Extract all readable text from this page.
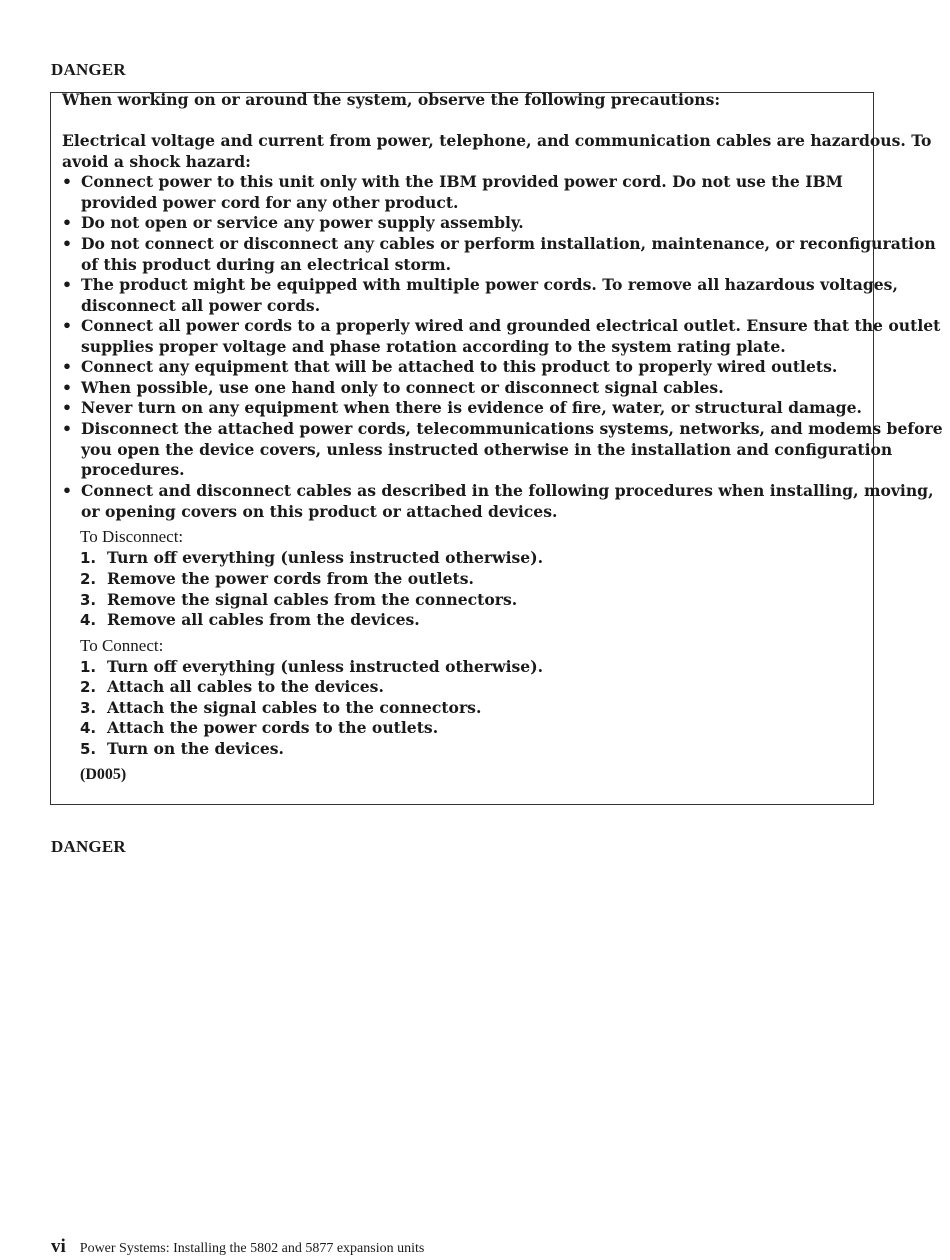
DANGER
When working on or around the system, observe the following precautions:
Electrical voltage and current from power, telephone, and communication cables are hazardous. To
avoid a shock hazard:
• Connect power to this unit only with the IBM provided power cord. Do not use the IBM
provided power cord for any other product.
• Do not open or service any power supply assembly.
• Do not connect or disconnect any cables or perform installation, maintenance, or reconfiguration
of this product during an electrical storm.
• The product might be equipped with multiple power cords. To remove all hazardous voltages,
disconnect all power cords.
• Connect all power cords to a properly wired and grounded electrical outlet. Ensure that the outlet
supplies proper voltage and phase rotation according to the system rating plate.
• Connect any equipment that will be attached to this product to properly wired outlets.
• When possible, use one hand only to connect or disconnect signal cables.
• Never turn on any equipment when there is evidence of fire, water, or structural damage.
• Disconnect the attached power cords, telecommunications systems, networks, and modems before
you open the device covers, unless instructed otherwise in the installation and configuration
procedures.
• Connect and disconnect cables as described in the following procedures when installing, moving,
or opening covers on this product or attached devices.
To Disconnect:
1. Turn off everything (unless instructed otherwise).
2. Remove the power cords from the outlets.
3. Remove the signal cables from the connectors.
4. Remove all cables from the devices.
To Connect:
1. Turn off everything (unless instructed otherwise).
2. Attach all cables to the devices.
3. Attach the signal cables to the connectors.
4. Attach the power cords to the outlets.
5. Turn on the devices.
(D005)
DANGER
vi Power Systems: Installing the 5802 and 5877 expansion units
